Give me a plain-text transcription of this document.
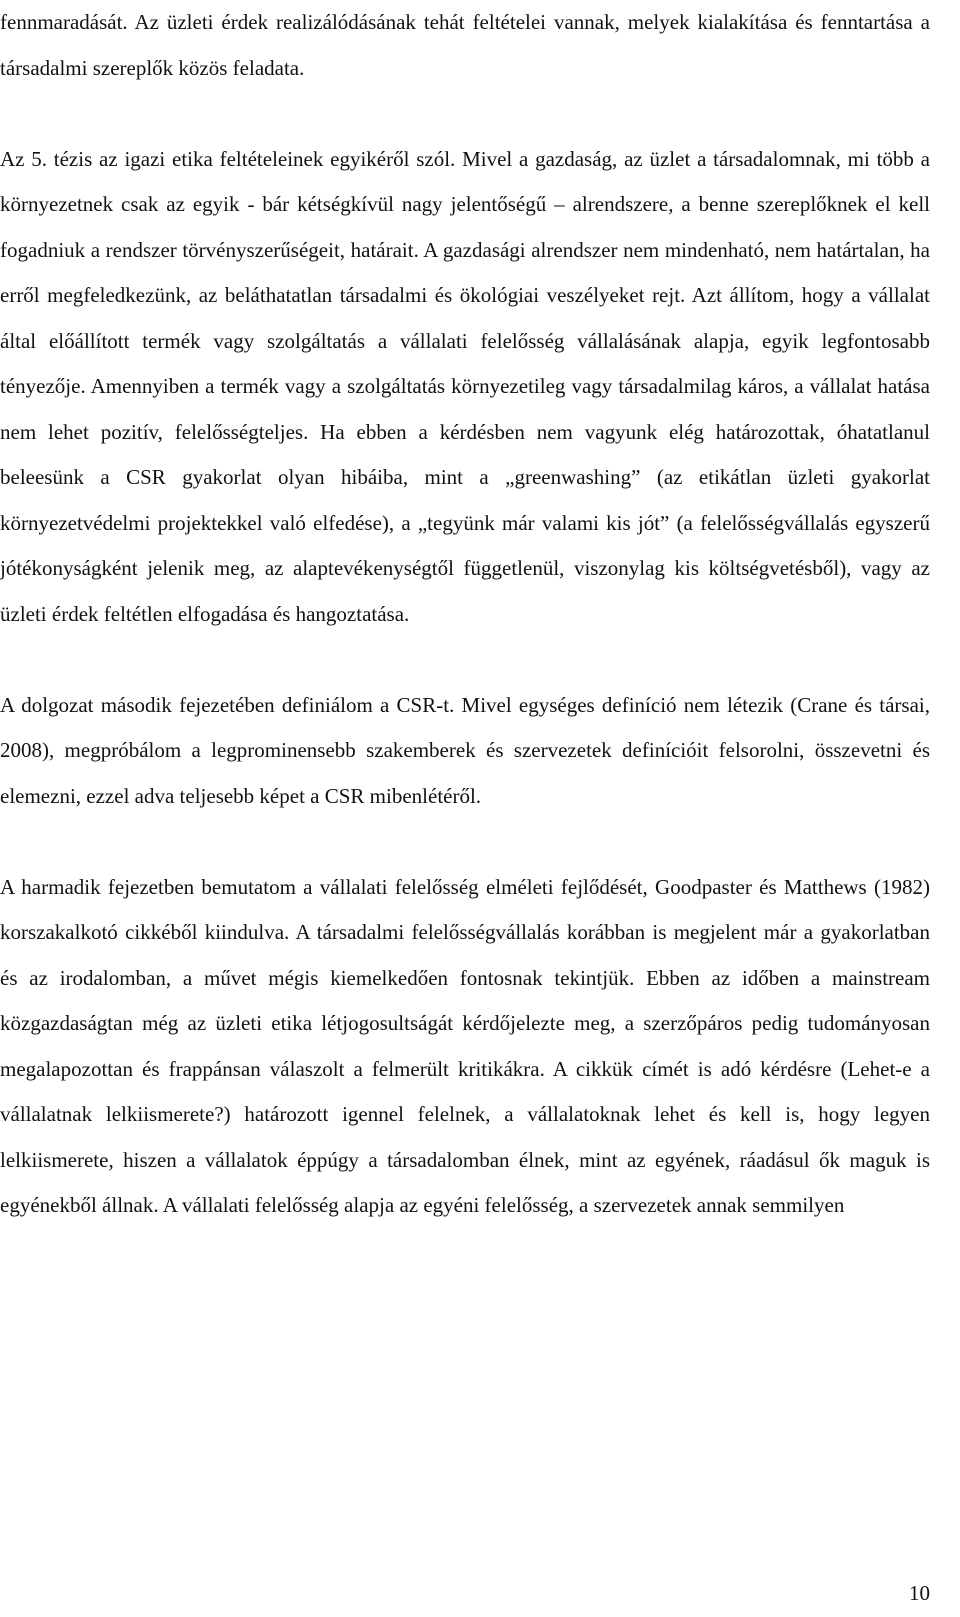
fennmaradását. Az üzleti érdek realizálódásának tehát feltételei vannak, melyek kialakítása és fenntartása a társadalmi szereplők közös feladata.

Az 5. tézis az igazi etika feltételeinek egyikéről szól. Mivel a gazdaság, az üzlet a társadalomnak, mi több a környezetnek csak az egyik - bár kétségkívül nagy jelentőségű – alrendszere, a benne szereplőknek el kell fogadniuk a rendszer törvényszerűségeit, határait. A gazdasági alrendszer nem mindenható, nem határtalan, ha erről megfeledkezünk, az beláthatatlan társadalmi és ökológiai veszélyeket rejt. Azt állítom, hogy a vállalat által előállított termék vagy szolgáltatás a vállalati felelősség vállalásának alapja, egyik legfontosabb tényezője. Amennyiben a termék vagy a szolgáltatás környezetileg vagy társadalmilag káros, a vállalat hatása nem lehet pozitív, felelősségteljes. Ha ebben a kérdésben nem vagyunk elég határozottak, óhatatlanul beleesünk a CSR gyakorlat olyan hibáiba, mint a „greenwashing” (az etikátlan üzleti gyakorlat környezetvédelmi projektekkel való elfedése), a „tegyünk már valami kis jót” (a felelősségvállalás egyszerű jótékonyságként jelenik meg, az alaptevékenységtől függetlenül, viszonylag kis költségvetésből), vagy az üzleti érdek feltétlen elfogadása és hangoztatása.

A dolgozat második fejezetében definiálom a CSR-t. Mivel egységes definíció nem létezik (Crane és társai, 2008), megpróbálom a legprominensebb szakemberek és szervezetek definícióit felsorolni, összevetni és elemezni, ezzel adva teljesebb képet a CSR mibenlétéről.

A harmadik fejezetben bemutatom a vállalati felelősség elméleti fejlődését, Goodpaster és Matthews (1982) korszakalkotó cikkéből kiindulva. A társadalmi felelősségvállalás korábban is megjelent már a gyakorlatban és az irodalomban, a művet mégis kiemelkedően fontosnak tekintjük. Ebben az időben a mainstream közgazdaságtan még az üzleti etika létjogosultságát kérdőjelezte meg, a szerzőpáros pedig tudományosan megalapozottan és frappánsan válaszolt a felmerült kritikákra. A cikkük címét is adó kérdésre (Lehet-e a vállalatnak lelkiismerete?) határozott igennel felelnek, a vállalatoknak lehet és kell is, hogy legyen lelkiismerete, hiszen a vállalatok éppúgy a társadalomban élnek, mint az egyének, ráadásul ők maguk is egyénekből állnak. A vállalati felelősség alapja az egyéni felelősség, a szervezetek annak semmilyen

10
